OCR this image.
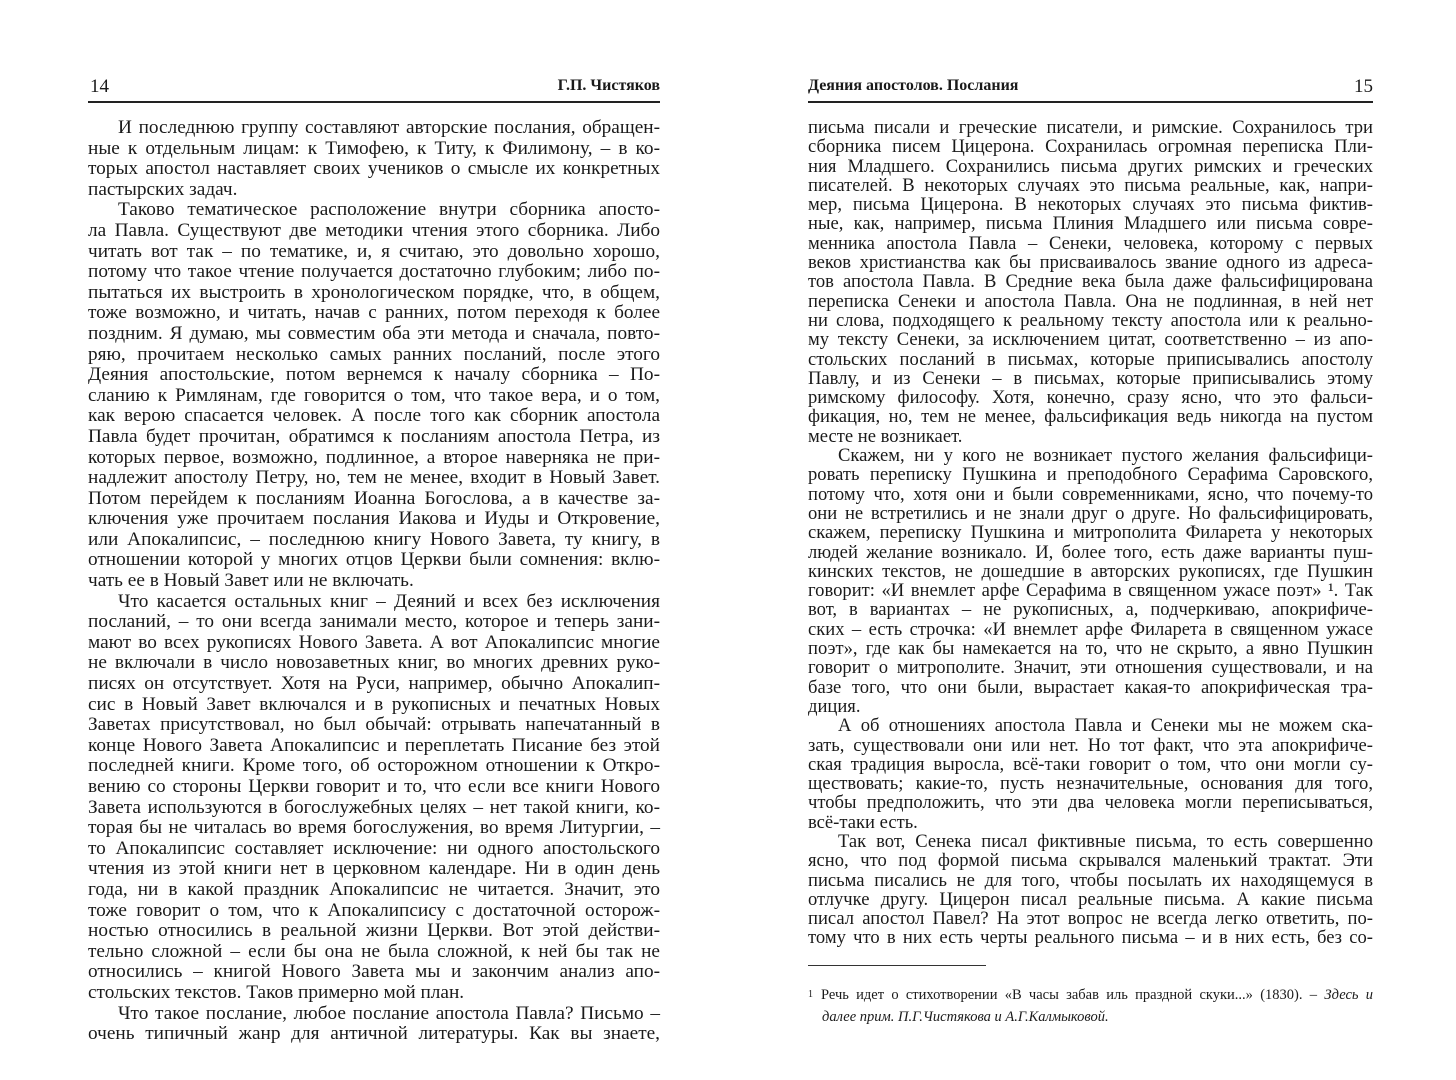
14	Г.П. Чистяков
И последнюю группу составляют авторские послания, обращен-
ные к отдельным лицам: к Тимофею, к Титу, к Филимону, – в ко-
торых апостол наставляет своих учеников о смысле их конкретных
пастырских задач.
Таково тематическое расположение внутри сборника апосто-
ла Павла. Существуют две методики чтения этого сборника. Либо
читать вот так – по тематике, и, я считаю, это довольно хорошо,
потому что такое чтение получается достаточно глубоким; либо по-
пытаться их выстроить в хронологическом порядке, что, в общем,
тоже возможно, и читать, начав с ранних, потом переходя к более
поздним. Я думаю, мы совместим оба эти метода и сначала, повто-
ряю, прочитаем несколько самых ранних посланий, после этого
Деяния апостольские, потом вернемся к началу сборника – По-
сланию к Римлянам, где говорится о том, что такое вера, и о том,
как верою спасается человек. А после того как сборник апостола
Павла будет прочитан, обратимся к посланиям апостола Петра, из
которых первое, возможно, подлинное, а второе наверняка не при-
надлежит апостолу Петру, но, тем не менее, входит в Новый Завет.
Потом перейдем к посланиям Иоанна Богослова, а в качестве за-
ключения уже прочитаем послания Иакова и Иуды и Откровение,
или Апокалипсис, – последнюю книгу Нового Завета, ту книгу, в
отношении которой у многих отцов Церкви были сомнения: вклю-
чать ее в Новый Завет или не включать.
Что касается остальных книг – Деяний и всех без исключения
посланий, – то они всегда занимали место, которое и теперь зани-
мают во всех рукописях Нового Завета. А вот Апокалипсис многие
не включали в число новозаветных книг, во многих древних руко-
писях он отсутствует. Хотя на Руси, например, обычно Апокалип-
сис в Новый Завет включался и в рукописных и печатных Новых
Заветах присутствовал, но был обычай: отрывать напечатанный в
конце Нового Завета Апокалипсис и переплетать Писание без этой
последней книги. Кроме того, об осторожном отношении к Откро-
вению со стороны Церкви говорит и то, что если все книги Нового
Завета используются в богослужебных целях – нет такой книги, ко-
торая бы не читалась во время богослужения, во время Литургии, –
то Апокалипсис составляет исключение: ни одного апостольского
чтения из этой книги нет в церковном календаре. Ни в один день
года, ни в какой праздник Апокалипсис не читается. Значит, это
тоже говорит о том, что к Апокалипсису с достаточной осторож-
ностью относились в реальной жизни Церкви. Вот этой действи-
тельно сложной – если бы она не была сложной, к ней бы так не
относились – книгой Нового Завета мы и закончим анализ апо-
стольских текстов. Таков примерно мой план.
Что такое послание, любое послание апостола Павла? Письмо –
очень типичный жанр для античной литературы. Как вы знаете,
Деяния апостолов. Послания	15
письма писали и греческие писатели, и римские. Сохранилось три
сборника писем Цицерона. Сохранилась огромная переписка Пли-
ния Младшего. Сохранились письма других римских и греческих
писателей. В некоторых случаях это письма реальные, как, напри-
мер, письма Цицерона. В некоторых случаях это письма фиктив-
ные, как, например, письма Плиния Младшего или письма совре-
менника апостола Павла – Сенеки, человека, которому с первых
веков христианства как бы присваивалось звание одного из адреса-
тов апостола Павла. В Средние века была даже фальсифицирована
переписка Сенеки и апостола Павла. Она не подлинная, в ней нет
ни слова, подходящего к реальному тексту апостола или к реально-
му тексту Сенеки, за исключением цитат, соответственно – из апо-
стольских посланий в письмах, которые приписывались апостолу
Павлу, и из Сенеки – в письмах, которые приписывались этому
римскому философу. Хотя, конечно, сразу ясно, что это фальси-
фикация, но, тем не менее, фальсификация ведь никогда на пустом
месте не возникает.
Скажем, ни у кого не возникает пустого желания фальсифици-
ровать переписку Пушкина и преподобного Серафима Саровского,
потому что, хотя они и были современниками, ясно, что почему-то
они не встретились и не знали друг о друге. Но фальсифицировать,
скажем, переписку Пушкина и митрополита Филарета у некоторых
людей желание возникало. И, более того, есть даже варианты пуш-
кинских текстов, не дошедшие в авторских рукописях, где Пушкин
говорит: «И внемлет арфе Серафима в священном ужасе поэт» ¹. Так
вот, в вариантах – не рукописных, а, подчеркиваю, апокрифиче-
ских – есть строчка: «И внемлет арфе Филарета в священном ужасе
поэт», где как бы намекается на то, что не скрыто, а явно Пушкин
говорит о митрополите. Значит, эти отношения существовали, и на
базе того, что они были, вырастает какая-то апокрифическая тра-
диция.
А об отношениях апостола Павла и Сенеки мы не можем ска-
зать, существовали они или нет. Но тот факт, что эта апокрифиче-
ская традиция выросла, всё-таки говорит о том, что они могли су-
ществовать; какие-то, пусть незначительные, основания для того,
чтобы предположить, что эти два человека могли переписываться,
всё-таки есть.
Так вот, Сенека писал фиктивные письма, то есть совершенно
ясно, что под формой письма скрывался маленький трактат. Эти
письма писались не для того, чтобы посылать их находящемуся в
отлучке другу. Цицерон писал реальные письма. А какие письма
писал апостол Павел? На этот вопрос не всегда легко ответить, по-
тому что в них есть черты реального письма – и в них есть, без со-
$^1$ Речь идет о стихотворении «В часы забав иль праздной скуки...» (1830). – Здесь и
далее прим. П.Г.Чистякова и А.Г.Калмыковой.
